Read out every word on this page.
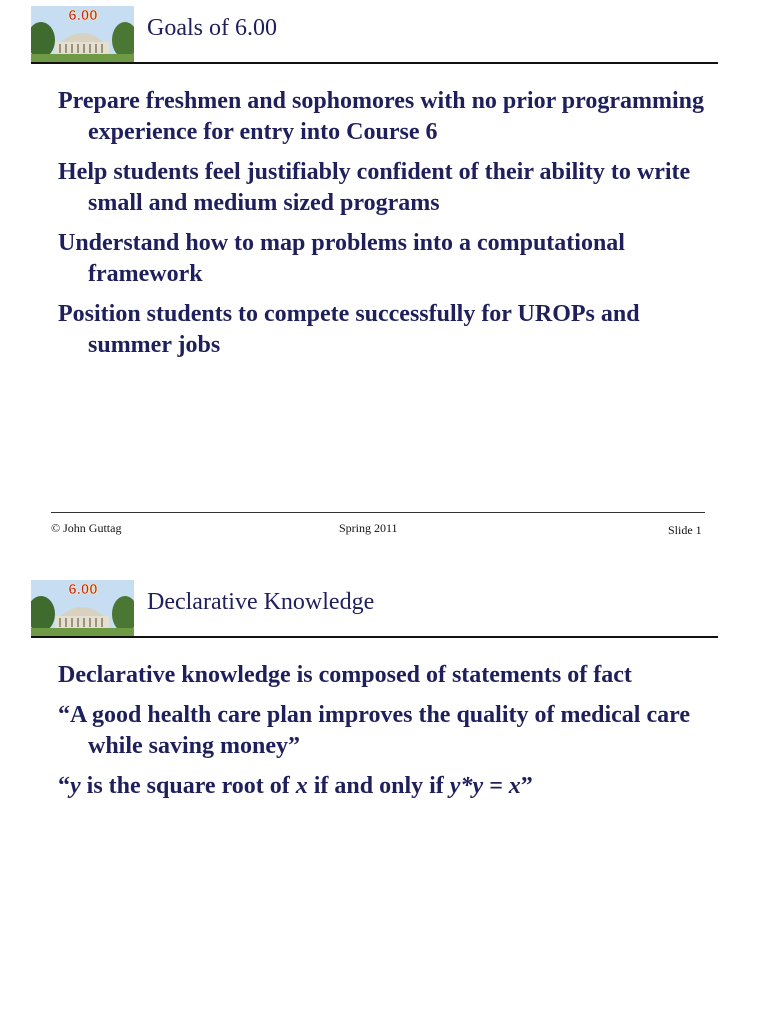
6.00 Goals of 6.00
Prepare freshmen and sophomores with no prior programming experience for entry into Course 6
Help students feel justifiably confident of their ability to write small and medium sized programs
Understand how to map problems into a computational framework
Position students to compete successfully for UROPs and summer jobs
© John Guttag	Spring 2011	Slide 1
6.00 Declarative Knowledge
Declarative knowledge is composed of statements of fact
“A good health care plan improves the quality of medical care while saving money”
“y is the square root of x if and only if y*y = x”
